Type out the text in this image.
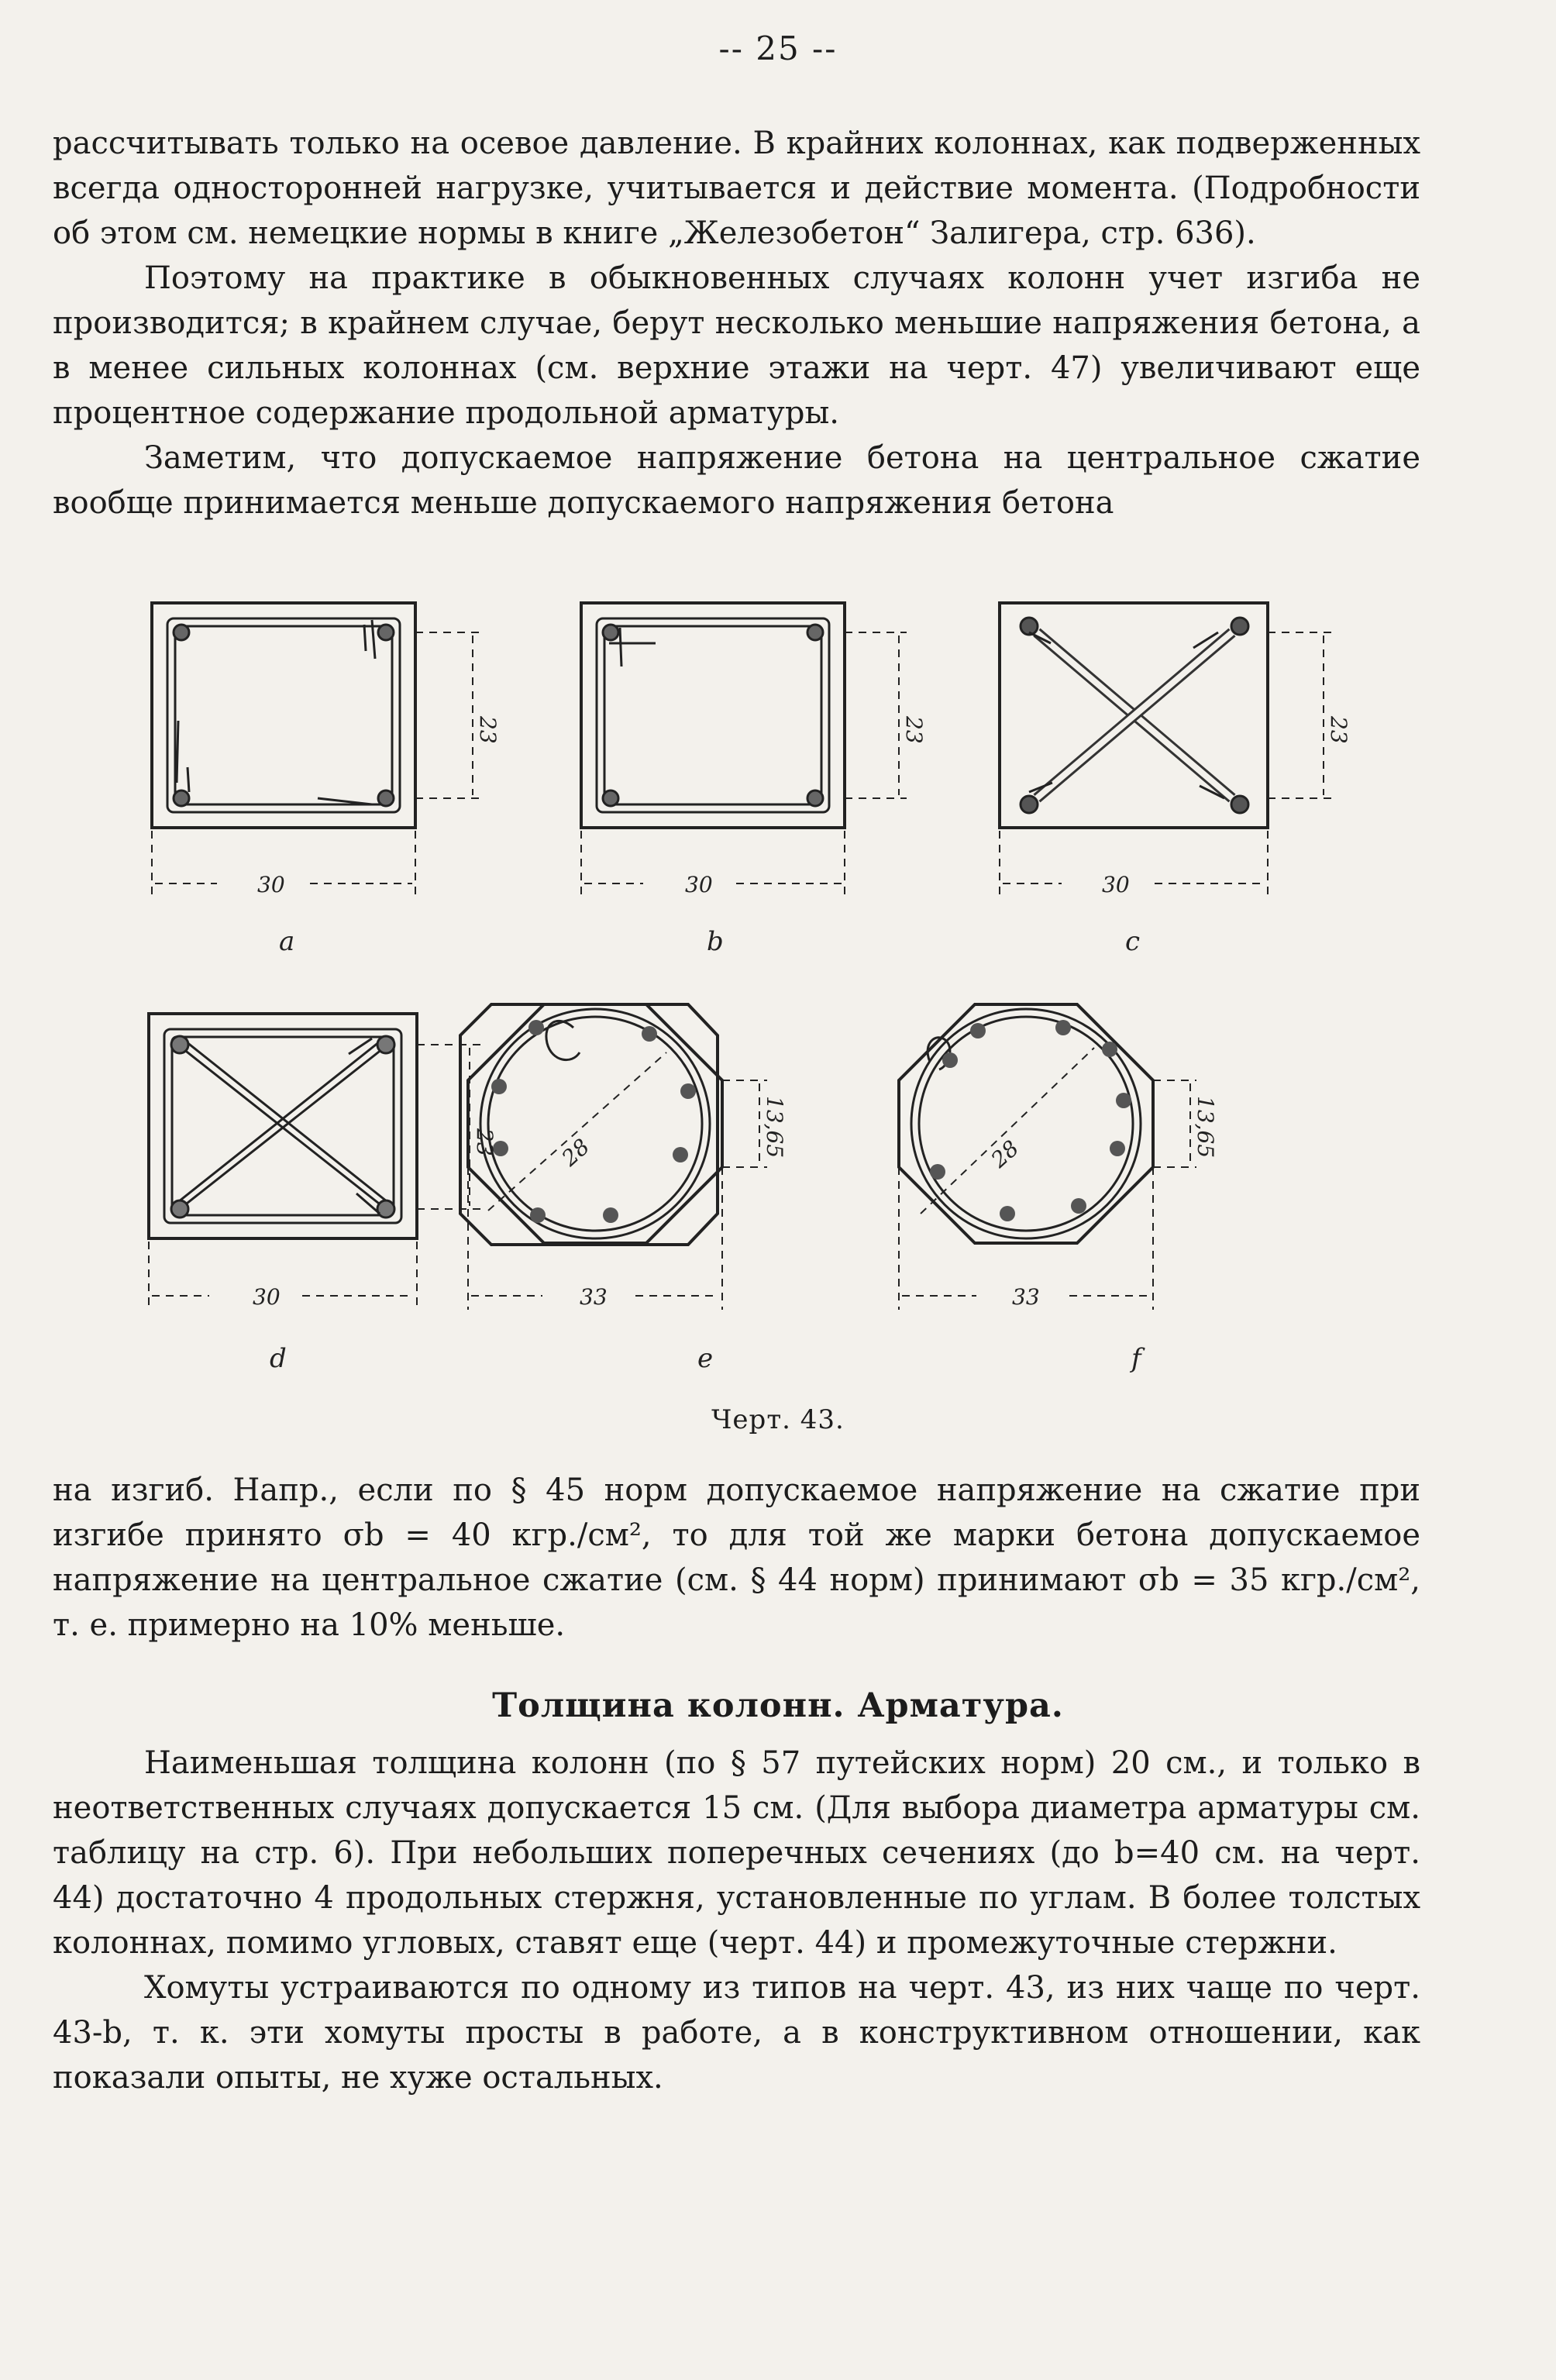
-- 25 --

рассчитывать только на осевое давление. В крайних колоннах, как подверженных всегда односторонней нагрузке, учитывается и действие момента. (Подробности об этом см. немецкие нормы в книге „Железобетон“ Залигера, стр. 636).

Поэтому на практике в обыкновенных случаях колонн учет изгиба не производится; в крайнем случае, берут несколько меньшие напряжения бетона, а в менее сильных колоннах (см. верхние этажи на черт. 47) увеличивают еще процентное содержание продольной арматуры.

Заметим, что допускаемое напряжение бетона на центральное сжатие вообще принимается меньше допускаемого напряжения бетона

30
23
30
23
30
23
30
23
33
13,65
28
33
13,65
28
a	b	c
d	e	f
Черт. 43.

на изгиб. Напр., если по § 45 норм допускаемое напряжение на сжатие при изгибе принято σb = 40 кгр./см², то для той же марки бетона допускаемое напряжение на центральное сжатие (см. § 44 норм) принимают σb = 35 кгр./см², т. е. примерно на 10% меньше.

Толщина колонн. Арматура.

Наименьшая толщина колонн (по § 57 путейских норм) 20 см., и только в неответственных случаях допускается 15 см. (Для выбора диаметра арматуры см. таблицу на стр. 6). При небольших поперечных сечениях (до b=40 см. на черт. 44) достаточно 4 продольных стержня, установленные по углам. В более толстых колоннах, помимо угловых, ставят еще (черт. 44) и промежуточные стержни.

Хомуты устраиваются по одному из типов на черт. 43, из них чаще по черт. 43-b, т. к. эти хомуты просты в работе, а в конструктивном отношении, как показали опыты, не хуже остальных.
